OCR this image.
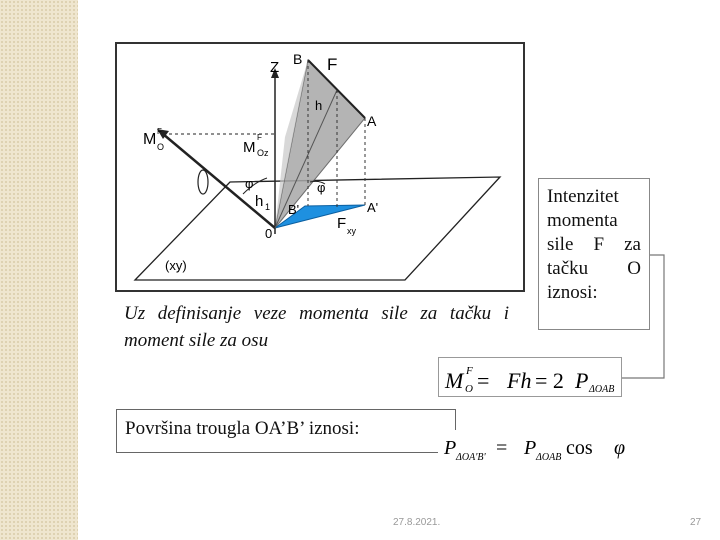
Z B F
h
A
M O
F
M Oz
F
φ	φ
h 1 B'	A'
F xy
0
(xy)
Uz definisanje veze momenta sile za tačku i moment sile za osu
Intenzitet momenta sile F za tačku O iznosi:
M O
F = Fh = 2 P ΔOAB
Površina trougla OA’B’ iznosi:
P ΔOA'B' = P ΔOAB cos φ
27.8.2021.	27
